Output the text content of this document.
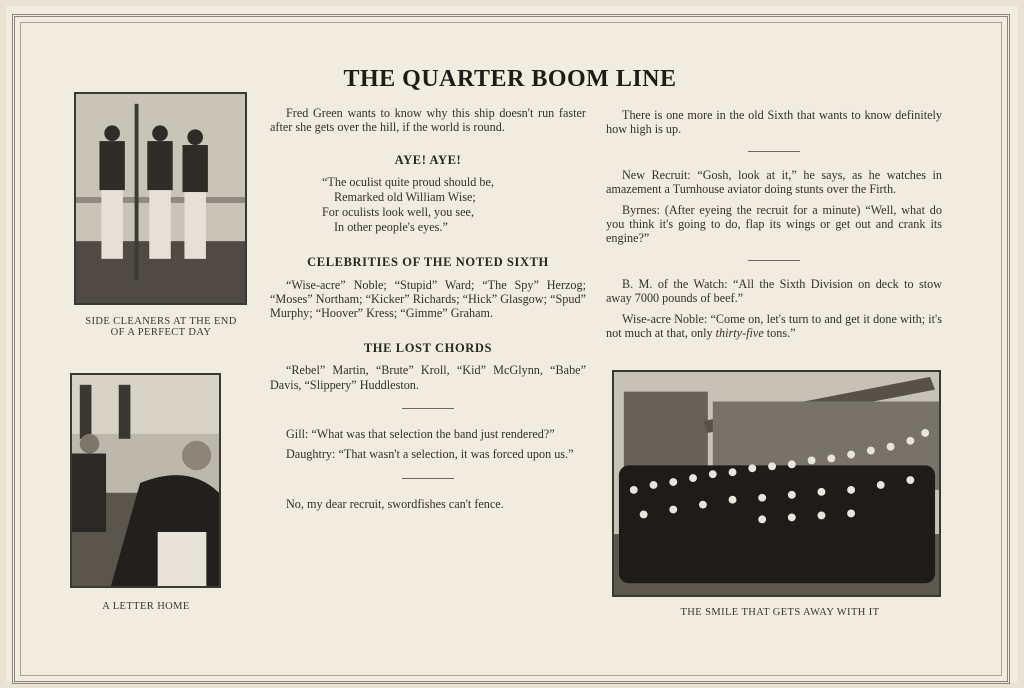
THE QUARTER BOOM LINE
SIDE CLEANERS AT THE END
OF A PERFECT DAY
A LETTER HOME
THE SMILE THAT GETS AWAY WITH IT

Fred Green wants to know why this ship doesn't run faster after she gets over the hill, if the world is round.

AYE! AYE!
“The oculist quite proud should be,
Remarked old William Wise;
For oculists look well, you see,
In other people's eyes.”
CELEBRITIES OF THE NOTED SIXTH

“Wise-acre” Noble; “Stupid” Ward; “The Spy” Herzog; “Moses” Northam; “Kicker” Richards; “Hick” Glasgow; “Spud” Murphy; “Hoover” Kress; “Gimme” Graham.

THE LOST CHORDS

“Rebel” Martin, “Brute” Kroll, “Kid” McGlynn, “Babe” Davis, “Slippery” Huddleston.

Gill: “What was that selection the band just rendered?”

Daughtry: “That wasn't a selection, it was forced upon us.”

No, my dear recruit, swordfishes can't fence.

There is one more in the old Sixth that wants to know definitely how high is up.

New Recruit: “Gosh, look at it,” he says, as he watches in amazement a Turnhouse aviator doing stunts over the Firth.

Byrnes: (After eyeing the recruit for a minute) “Well, what do you think it's going to do, flap its wings or get out and crank its engine?”

B. M. of the Watch: “All the Sixth Division on deck to stow away 7000 pounds of beef.”

Wise-acre Noble: “Come on, let's turn to and get it done with; it's not much at that, only thirty-five tons.”
